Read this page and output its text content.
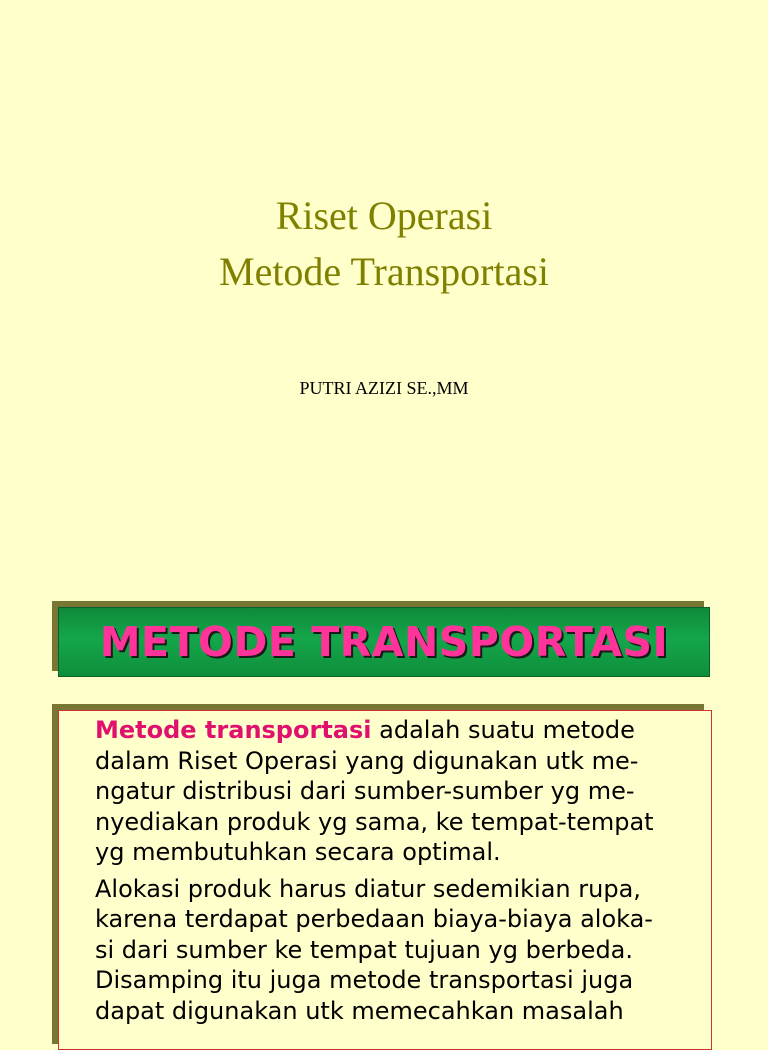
Riset Operasi
Metode Transportasi
PUTRI AZIZI SE.,MM
METODE TRANSPORTASI

Metode transportasi adalah suatu metode
dalam Riset Operasi yang digunakan utk me-
ngatur distribusi dari sumber-sumber yg me-
nyediakan produk yg sama, ke tempat-tempat
yg membutuhkan secara optimal.

Alokasi produk harus diatur sedemikian rupa,
karena terdapat perbedaan biaya-biaya aloka-
si dari sumber ke tempat tujuan yg berbeda.
Disamping itu juga metode transportasi juga
dapat digunakan utk memecahkan masalah
